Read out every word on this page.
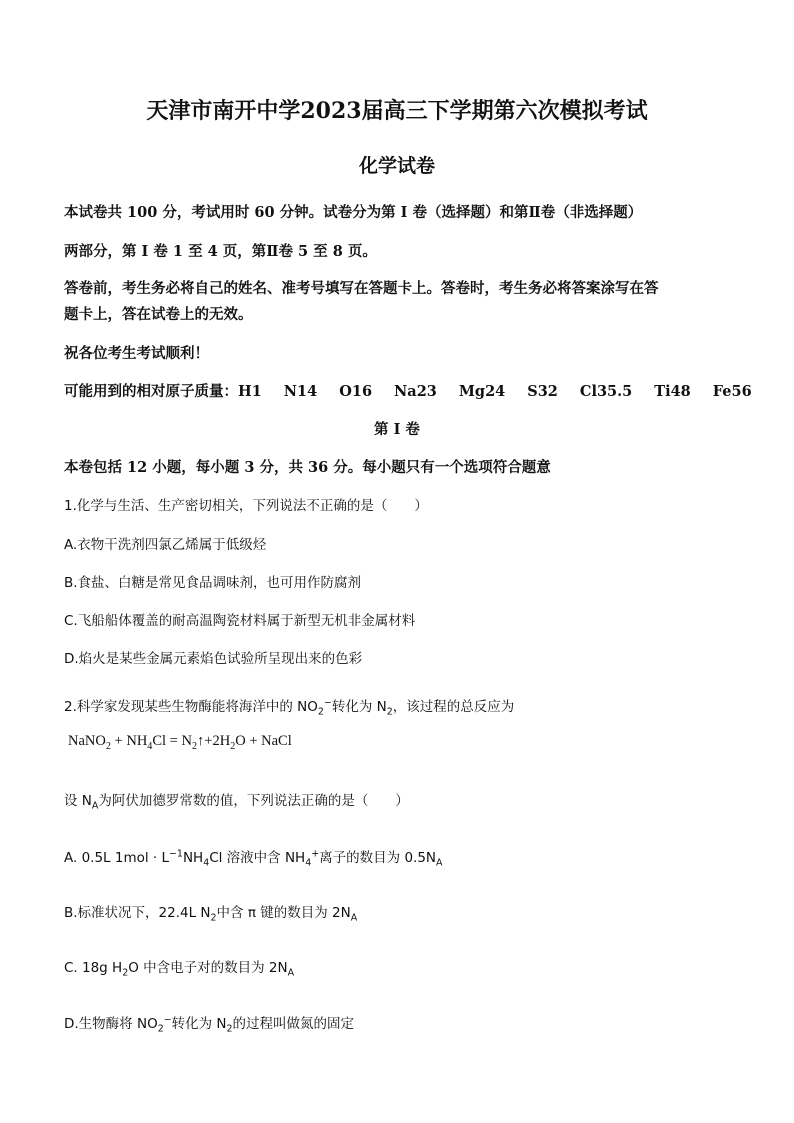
天津市南开中学2023届高三下学期第六次模拟考试
化学试卷
本试卷共 100 分，考试用时 60 分钟。试卷分为第 I 卷（选择题）和第Ⅱ卷（非选择题）
两部分，第 I 卷 1 至 4 页，第Ⅱ卷 5 至 8 页。
答卷前，考生务必将自己的姓名、准考号填写在答题卡上。答卷时，考生务必将答案涂写在答
题卡上，答在试卷上的无效。
祝各位考生考试顺利！
可能用到的相对原子质量：H1 N14 O16 Na23 Mg24 S32 Cl35.5 Ti48 Fe56
第 I 卷
本卷包括 12 小题，每小题 3 分，共 36 分。每小题只有一个选项符合题意
1.化学与生活、生产密切相关，下列说法不正确的是（　　）
A.衣物干洗剂四氯乙烯属于低级烃
B.食盐、白糖是常见食品调味剂，也可用作防腐剂
C.飞船船体覆盖的耐高温陶瓷材料属于新型无机非金属材料
D.焰火是某些金属元素焰色试验所呈现出来的色彩
2.科学家发现某些生物酶能将海洋中的 $NO_2^-$转化为 $N_2$，该过程的总反应为
NaNO$_2$ + $NH_4Cl$ = $N_2↑+2H_2O$ + NaCl
设 $N_A$为阿伏加德罗常数的值，下列说法正确的是（　　）
A. 0.5L $1mol \cdot L^{-1}NH_4Cl$ 溶液中含 $NH_4^+$离子的数目为 $0.5N_A$
B.标准状况下，22.4L $N_2$中含 π 键的数目为 $2N_A$
C. 18g $H_2O$ 中含电子对的数目为 $2N_A$
D.生物酶将 $NO_2^-$转化为 $N_2$的过程叫做氮的固定
